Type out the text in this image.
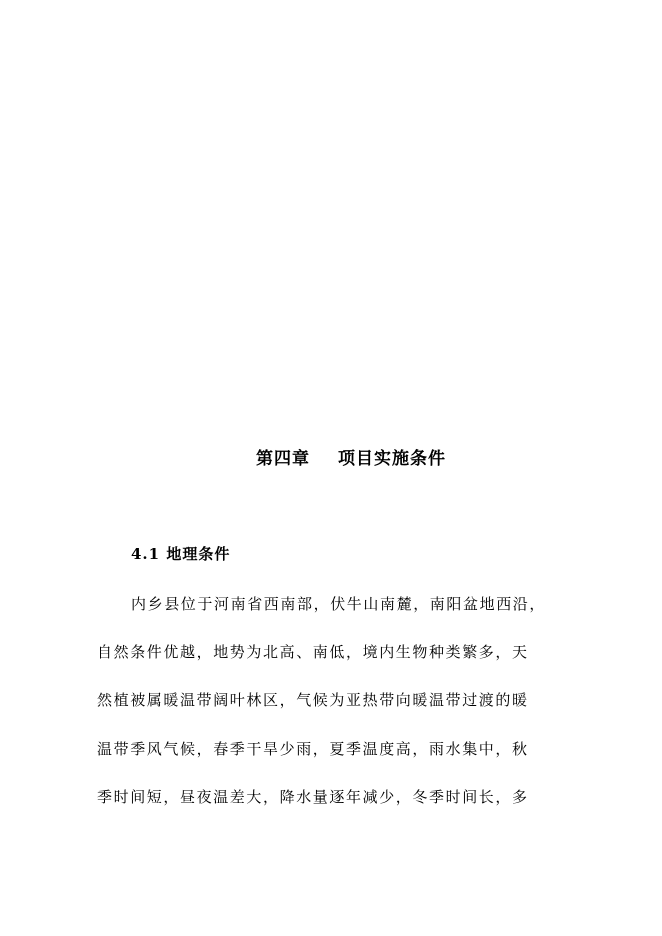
第四章 项目实施条件
4.1 地理条件

内乡县位于河南省西南部，伏牛山南麓，南阳盆地西沿，

自然条件优越，地势为北高、南低，境内生物种类繁多，天

然植被属暖温带阔叶林区，气候为亚热带向暖温带过渡的暖

温带季风气候，春季干旱少雨，夏季温度高，雨水集中，秋

季时间短，昼夜温差大，降水量逐年减少，冬季时间长，多
